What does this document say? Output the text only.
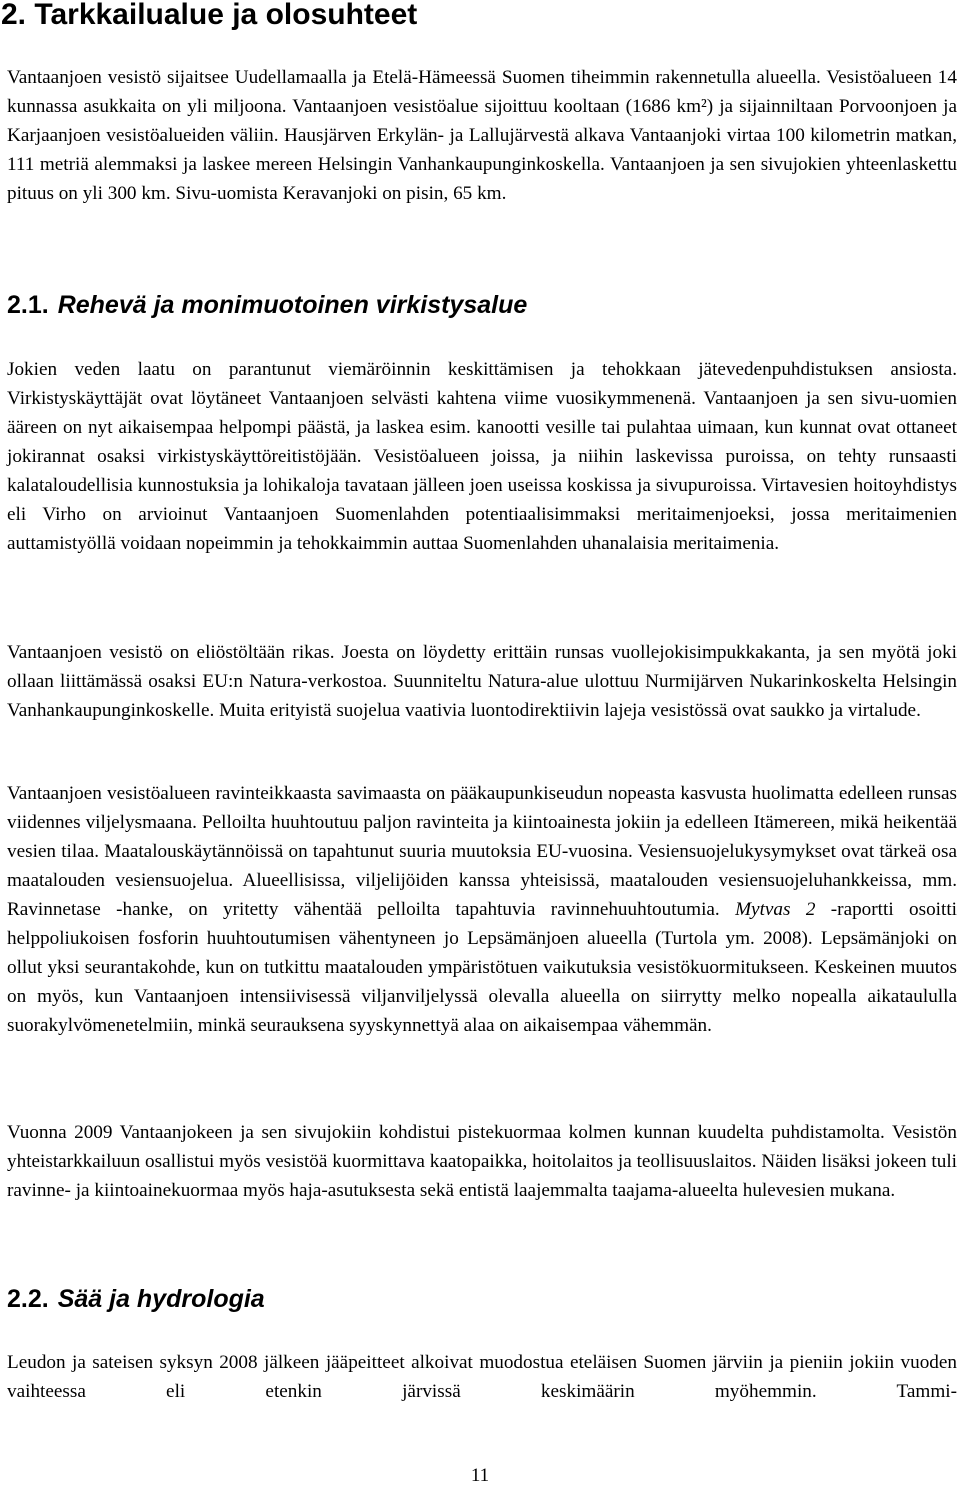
2. Tarkkailualue ja olosuhteet

Vantaanjoen vesistö sijaitsee Uudellamaalla ja Etelä-Hämeessä Suomen tiheimmin rakennetulla alueella. Vesistöalueen 14 kunnassa asukkaita on yli miljoona. Vantaanjoen vesistöalue sijoittuu kooltaan (1686 km²) ja sijainniltaan Porvoonjoen ja Karjaanjoen vesistöalueiden väliin. Hausjärven Erkylän- ja Lallujärvestä alkava Vantaanjoki virtaa 100 kilometrin matkan, 111 metriä alemmaksi ja laskee mereen Helsingin Vanhankaupunginkoskella. Vantaanjoen ja sen sivujokien yhteenlaskettu pituus on yli 300 km. Sivu-uomista Keravanjoki on pisin, 65 km.

2.1. Rehevä ja monimuotoinen virkistysalue

Jokien veden laatu on parantunut viemäröinnin keskittämisen ja tehokkaan jätevedenpuhdistuksen ansiosta. Virkistyskäyttäjät ovat löytäneet Vantaanjoen selvästi kahtena viime vuosikymmenenä. Vantaanjoen ja sen sivu-uomien ääreen on nyt aikaisempaa helpompi päästä, ja laskea esim. kanootti vesille tai pulahtaa uimaan, kun kunnat ovat ottaneet jokirannat osaksi virkistyskäyttöreitistöjään. Vesistöalueen joissa, ja niihin laskevissa puroissa, on tehty runsaasti kalataloudellisia kunnostuksia ja lohikaloja tavataan jälleen joen useissa koskissa ja sivupuroissa. Virtavesien hoitoyhdistys eli Virho on arvioinut Vantaanjoen Suomenlahden potentiaalisimmaksi meritaimenjoeksi, jossa meritaimenien auttamistyöllä voidaan nopeimmin ja tehokkaimmin auttaa Suomenlahden uhanalaisia meritaimenia.

Vantaanjoen vesistö on eliöstöltään rikas. Joesta on löydetty erittäin runsas vuollejokisimpukkakanta, ja sen myötä joki ollaan liittämässä osaksi EU:n Natura-verkostoa. Suunniteltu Natura-alue ulottuu Nurmijärven Nukarinkoskelta Helsingin Vanhankaupunginkoskelle. Muita erityistä suojelua vaativia luontodirektiivin lajeja vesistössä ovat saukko ja virtalude.

Vantaanjoen vesistöalueen ravinteikkaasta savimaasta on pääkaupunkiseudun nopeasta kasvusta huolimatta edelleen runsas viidennes viljelysmaana. Pelloilta huuhtoutuu paljon ravinteita ja kiintoainesta jokiin ja edelleen Itämereen, mikä heikentää vesien tilaa. Maatalouskäytännöissä on tapahtunut suuria muutoksia EU-vuosina. Vesiensuojelukysymykset ovat tärkeä osa maatalouden vesiensuojelua. Alueellisissa, viljelijöiden kanssa yhteisissä, maatalouden vesiensuojeluhankkeissa, mm. Ravinnetase -hanke, on yritetty vähentää pelloilta tapahtuvia ravinnehuuhtoutumia. Mytvas 2 -raportti osoitti helppoliukoisen fosforin huuhtoutumisen vähentyneen jo Lepsämänjoen alueella (Turtola ym. 2008). Lepsämänjoki on ollut yksi seurantakohde, kun on tutkittu maatalouden ympäristötuen vaikutuksia vesistökuormitukseen. Keskeinen muutos on myös, kun Vantaanjoen intensiivisessä viljanviljelyssä olevalla alueella on siirrytty melko nopealla aikataululla suorakylvömenetelmiin, minkä seurauksena syyskynnettyä alaa on aikaisempaa vähemmän.

Vuonna 2009 Vantaanjokeen ja sen sivujokiin kohdistui pistekuormaa kolmen kunnan kuudelta puhdistamolta. Vesistön yhteistarkkailuun osallistui myös vesistöä kuormittava kaatopaikka, hoitolaitos ja teollisuuslaitos. Näiden lisäksi jokeen tuli ravinne- ja kiintoainekuormaa myös haja-asutuksesta sekä entistä laajemmalta taajama-alueelta hulevesien mukana.

2.2. Sää ja hydrologia

Leudon ja sateisen syksyn 2008 jälkeen jääpeitteet alkoivat muodostua eteläisen Suomen järviin ja pieniin jokiin vuoden vaihteessa eli etenkin järvissä keskimäärin myöhemmin. Tammi-

11
